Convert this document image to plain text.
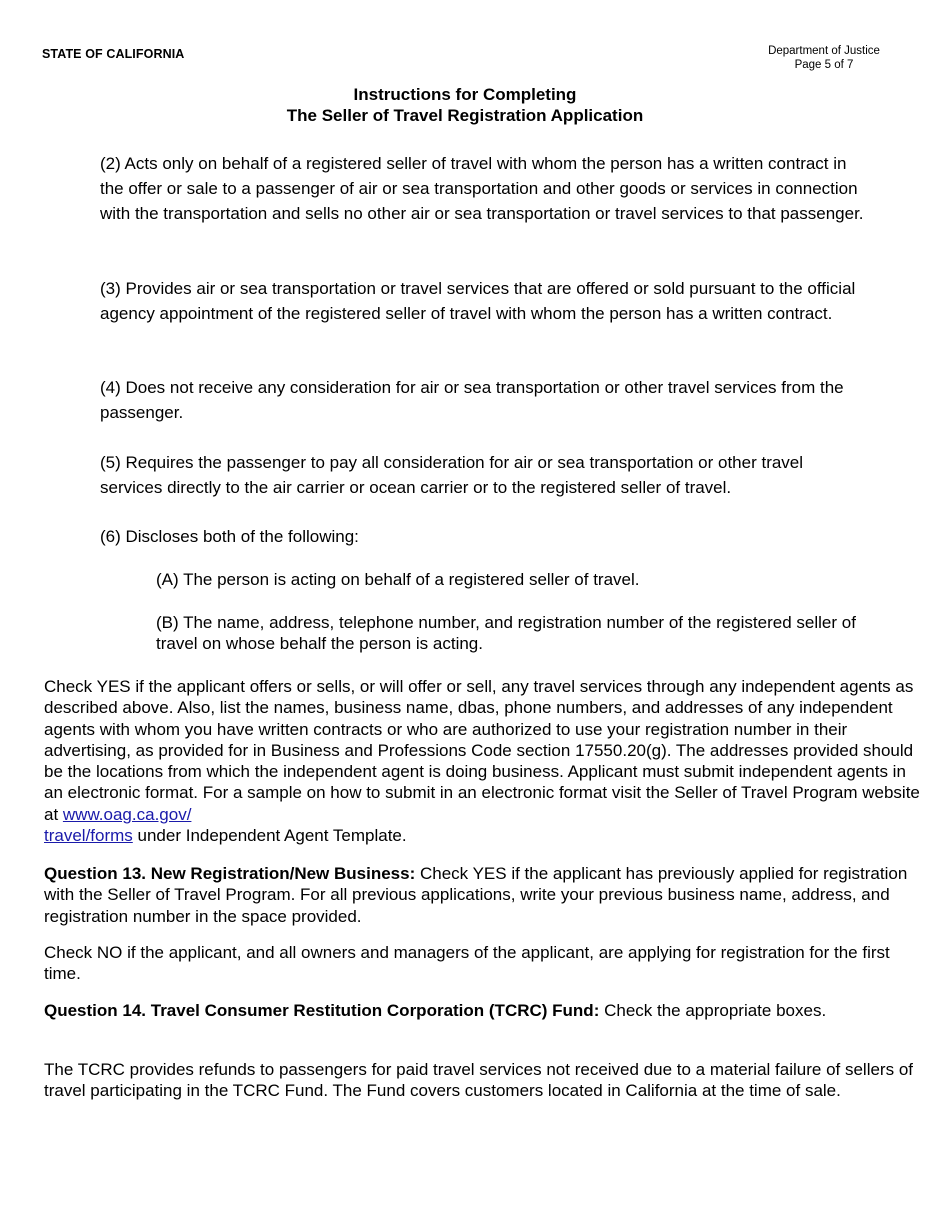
STATE OF CALIFORNIA	Department of Justice
Page 5 of 7
Instructions for Completing
The Seller of Travel Registration Application
(2) Acts only on behalf of a registered seller of travel with whom the person has a written contract in the offer or sale to a passenger of air or sea transportation and other goods or services in connection with the transportation and sells no other air or sea transportation or travel services to that passenger.
(3) Provides air or sea transportation or travel services that are offered or sold pursuant to the official agency appointment of the registered seller of travel with whom the person has a written contract.
(4) Does not receive any consideration for air or sea transportation or other travel services from the passenger.
(5) Requires the passenger to pay all consideration for air or sea transportation or other travel services directly to the air carrier or ocean carrier or to the registered seller of travel.
(6) Discloses both of the following:
(A) The person is acting on behalf of a registered seller of travel.
(B) The name, address, telephone number, and registration number of the registered seller of travel on whose behalf the person is acting.
Check YES if the applicant offers or sells, or will offer or sell, any travel services through any independent agents as described above. Also, list the names, business name, dbas, phone numbers, and addresses of any independent agents with whom you have written contracts or who are authorized to use your registration number in their advertising, as provided for in Business and Professions Code section 17550.20(g). The addresses provided should be the locations from which the independent agent is doing business. Applicant must submit independent agents in an electronic format. For a sample on how to submit in an electronic format visit the Seller of Travel Program website at www.oag.ca.gov/
travel/forms under Independent Agent Template.
Question 13. New Registration/New Business: Check YES if the applicant has previously applied for registration with the Seller of Travel Program. For all previous applications, write your previous business name, address, and registration number in the space provided.
Check NO if the applicant, and all owners and managers of the applicant, are applying for registration for the first time.
Question 14. Travel Consumer Restitution Corporation (TCRC) Fund: Check the appropriate boxes.
The TCRC provides refunds to passengers for paid travel services not received due to a material failure of sellers of travel participating in the TCRC Fund. The Fund covers customers located in California at the time of sale.
